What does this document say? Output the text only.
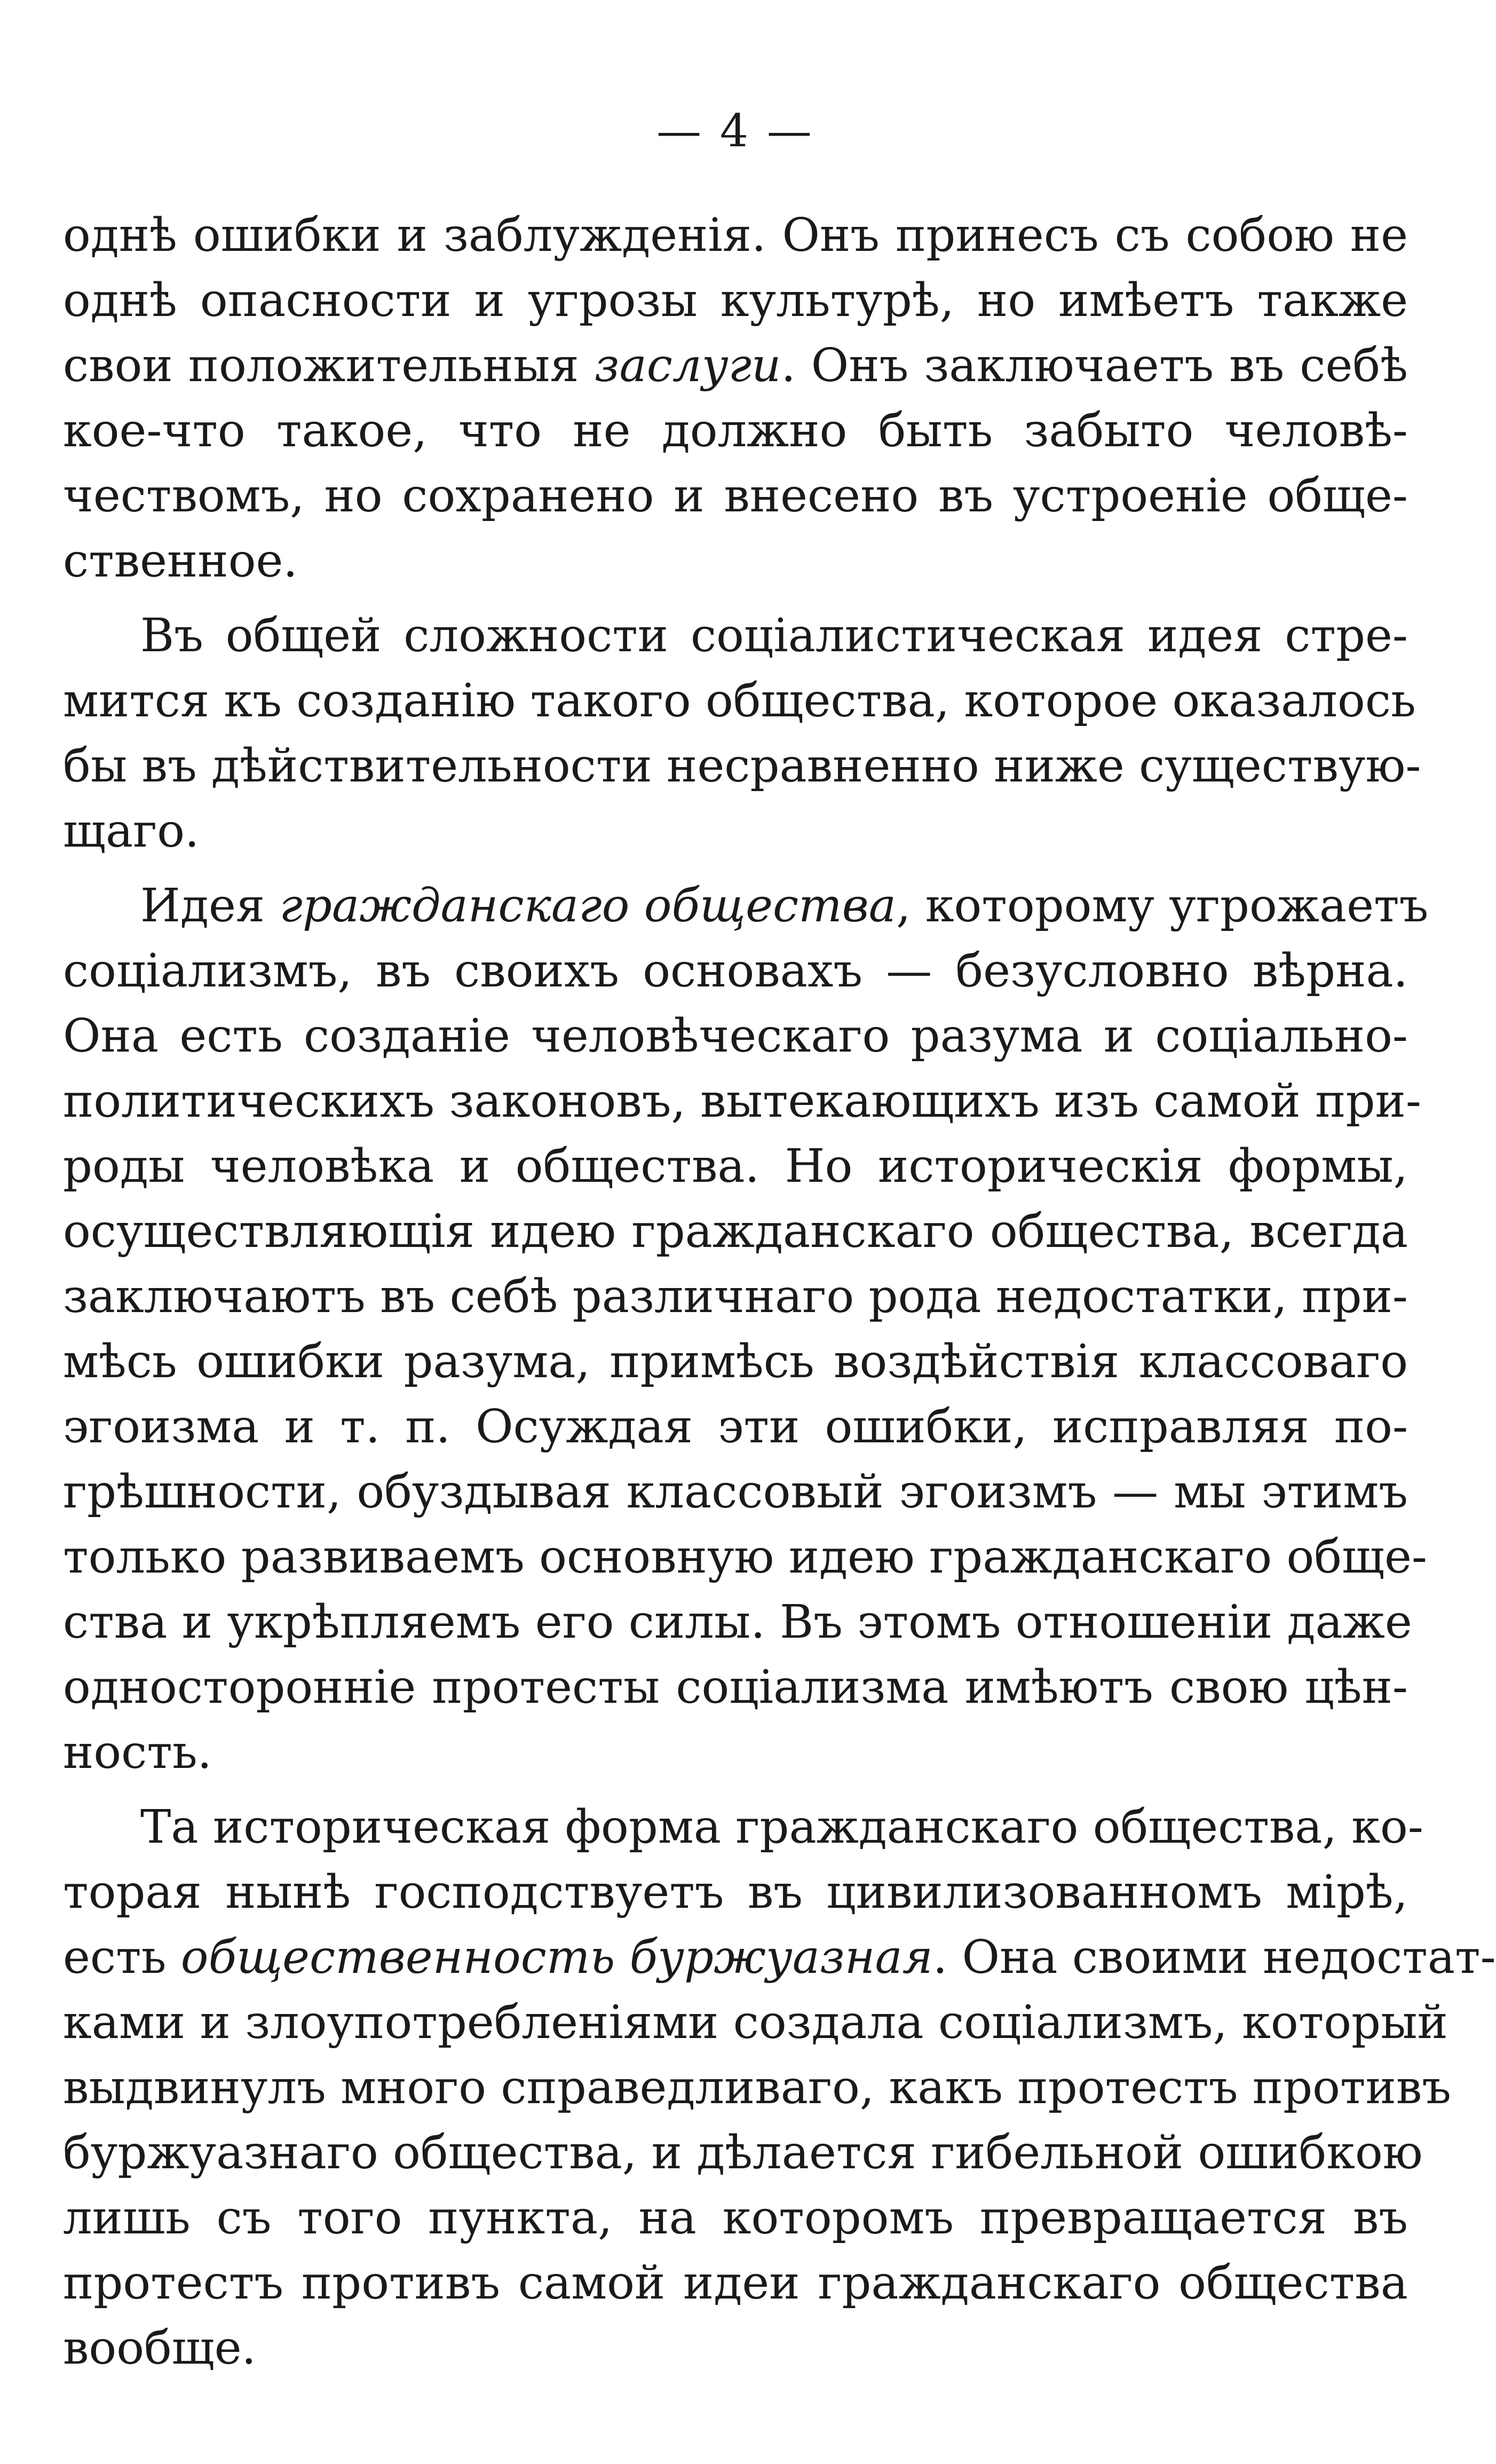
— 4 —
однѣ ошибки и заблужденія. Онъ принесъ съ собою не
однѣ опасности и угрозы культурѣ, но имѣетъ также
свои положительныя заслуги. Онъ заключаетъ въ себѣ
кое-что такое, что не должно быть забыто человѣ-
чествомъ, но сохранено и внесено въ устроеніе обще-
ственное.
Въ общей сложности соціалистическая идея стре-
мится къ созданію такого общества, которое оказалось
бы въ дѣйствительности несравненно ниже существую-
щаго.
Идея гражданскаго общества, которому угрожаетъ
соціализмъ, въ своихъ основахъ — безусловно вѣрна.
Она есть созданіе человѣческаго разума и соціально-
политическихъ законовъ, вытекающихъ изъ самой при-
роды человѣка и общества. Но историческія формы,
осуществляющія идею гражданскаго общества, всегда
заключаютъ въ себѣ различнаго рода недостатки, при-
мѣсь ошибки разума, примѣсь воздѣйствія классоваго
эгоизма и т. п. Осуждая эти ошибки, исправляя по-
грѣшности, обуздывая классовый эгоизмъ — мы этимъ
только развиваемъ основную идею гражданскаго обще-
ства и укрѣпляемъ его силы. Въ этомъ отношеніи даже
односторонніе протесты соціализма имѣютъ свою цѣн-
ность.
Та историческая форма гражданскаго общества, ко-
торая нынѣ господствуетъ въ цивилизованномъ мірѣ,
есть общественность буржуазная. Она своими недостат-
ками и злоупотребленіями создала соціализмъ, который
выдвинулъ много справедливаго, какъ протестъ противъ
буржуазнаго общества, и дѣлается гибельной ошибкою
лишь съ того пункта, на которомъ превращается въ
протестъ противъ самой идеи гражданскаго общества
вообще.
